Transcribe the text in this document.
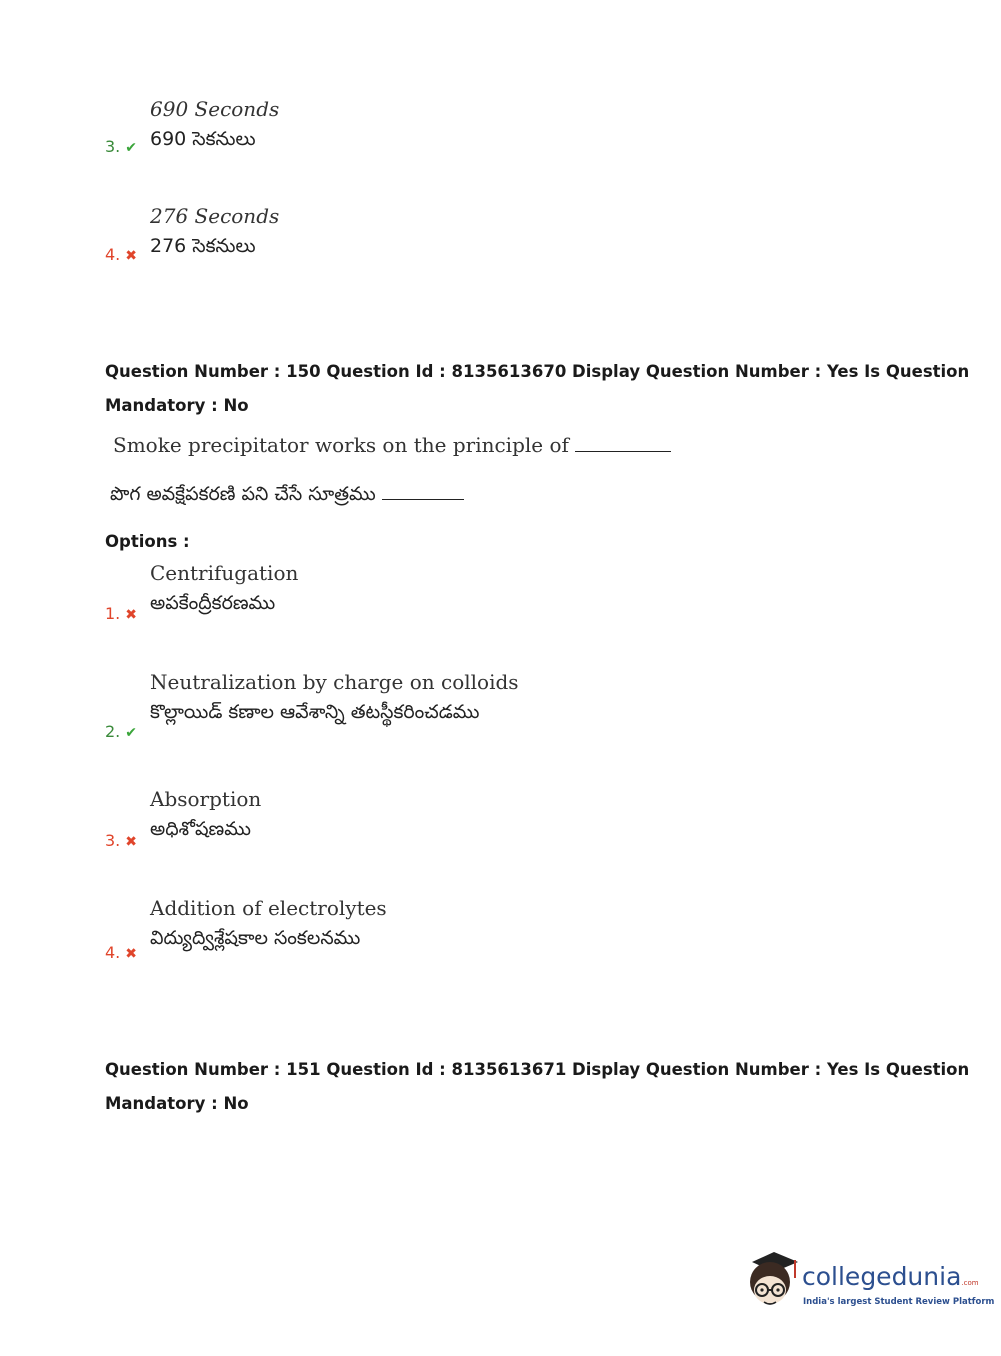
690 Seconds
690 సెకనులు
3. ✔
276 Seconds
276 సెకనులు
4. ✖
Question Number : 150 Question Id : 8135613670 Display Question Number : Yes Is Question
Mandatory : No
Smoke precipitator works on the principle of
పొగ అవక్షేపకరణి పని చేసే సూత్రము
Options :
Centrifugation
అపకేంద్రీకరణము
1. ✖
Neutralization by charge on colloids
కొల్లాయిడ్ కణాల ఆవేశాన్ని తటస్థీకరించడము
2. ✔
Absorption
అధిశోషణము
3. ✖
Addition of electrolytes
విద్యుద్విశ్లేషకాల సంకలనము
4. ✖
Question Number : 151 Question Id : 8135613671 Display Question Number : Yes Is Question
Mandatory : No
collegedunia.com
India's largest Student Review Platform
